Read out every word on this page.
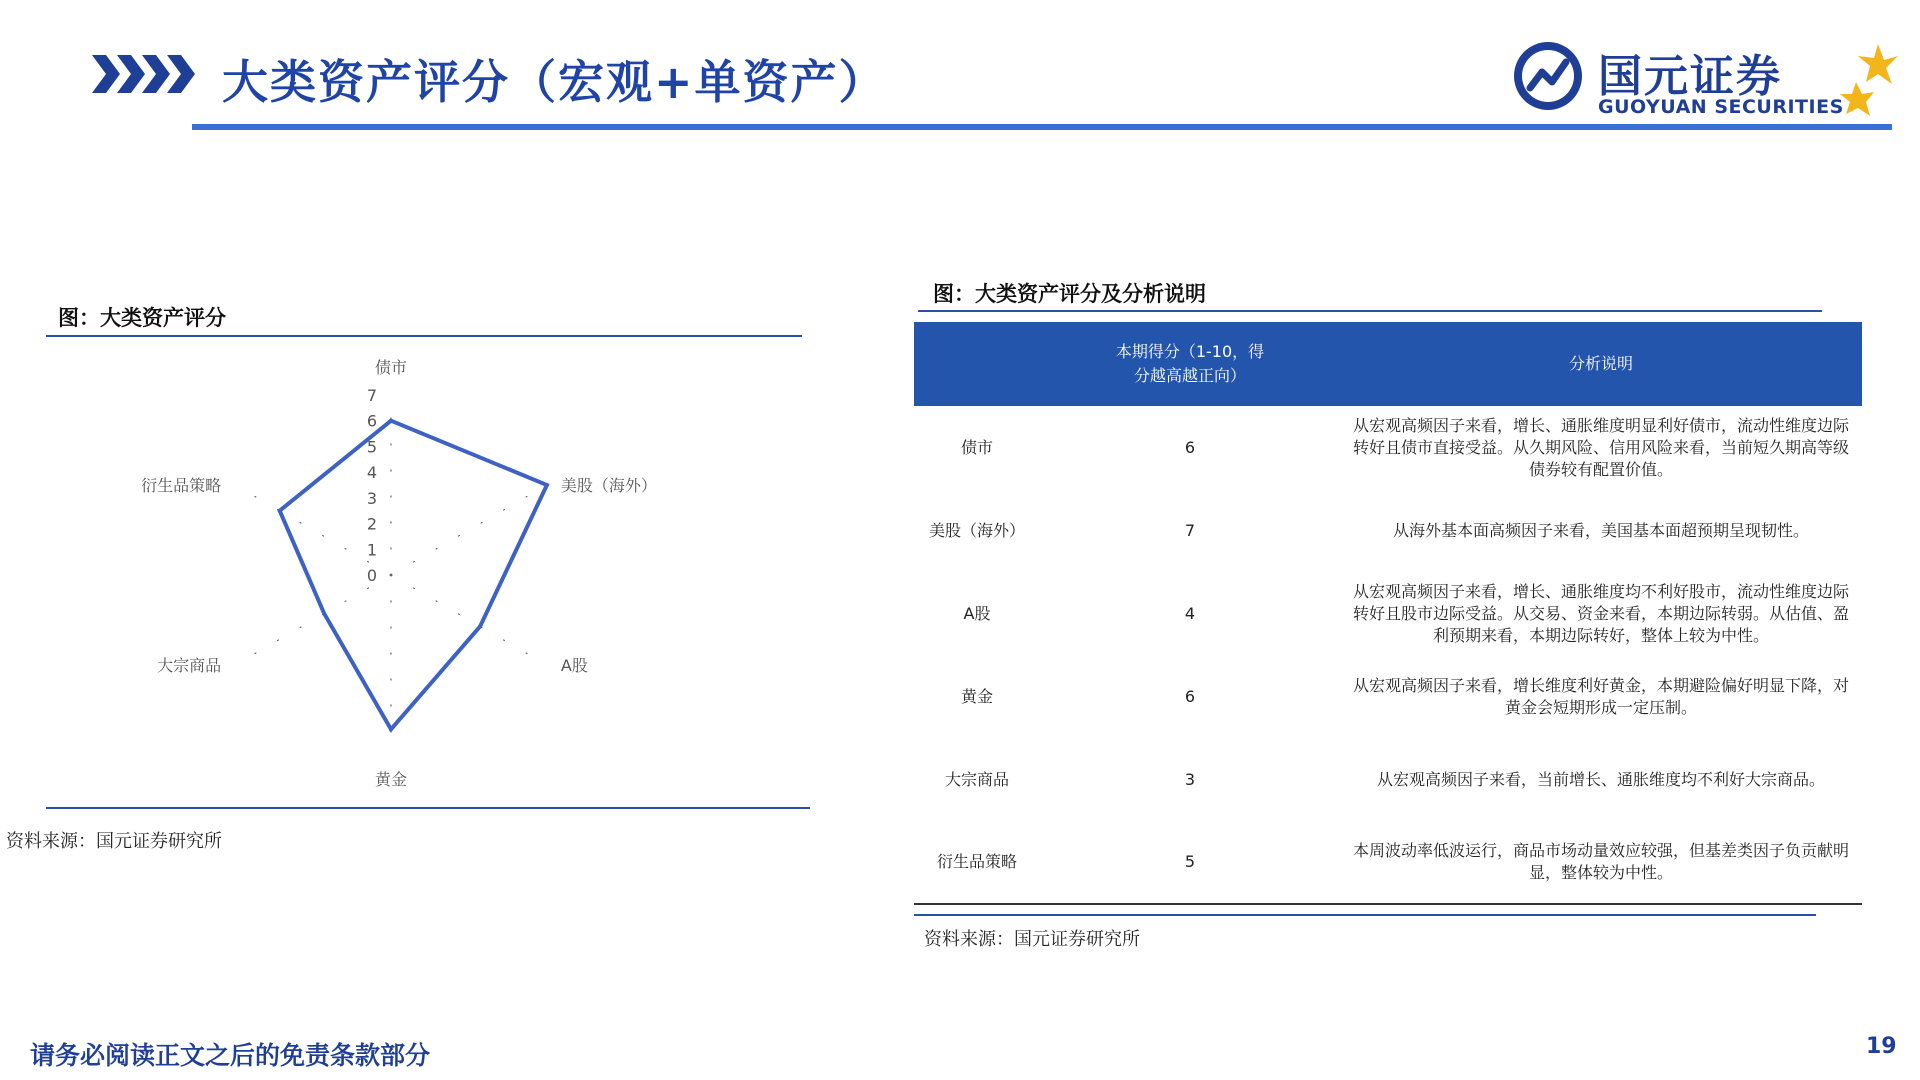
大类资产评分（宏观+单资产）	国元证券
GUOYUAN SECURITIES
图：大类资产评分
0
1
2
3
4
5
6
7
债市
美股（海外）
A股
黄金
大宗商品
衍生品策略
资料来源：国元证券研究所
图：大类资产评分及分析说明
	本期得分（1-10，得分越高越正向）	分析说明
债市	6	从宏观高频因子来看，增长、通胀维度明显利好债市，流动性维度边际转好且债市直接受益。从久期风险、信用风险来看，当前短久期高等级债券较有配置价值。
美股（海外）	7	从海外基本面高频因子来看，美国基本面超预期呈现韧性。
A股	4	从宏观高频因子来看，增长、通胀维度均不利好股市，流动性维度边际转好且股市边际受益。从交易、资金来看，本期边际转弱。从估值、盈利预期来看，本期边际转好，整体上较为中性。
黄金	6	从宏观高频因子来看，增长维度利好黄金，本期避险偏好明显下降，对黄金会短期形成一定压制。
大宗商品	3	从宏观高频因子来看，当前增长、通胀维度均不利好大宗商品。
衍生品策略	5	本周波动率低波运行，商品市场动量效应较强，但基差类因子负贡献明显，整体较为中性。
资料来源：国元证券研究所
请务必阅读正文之后的免责条款部分	19
